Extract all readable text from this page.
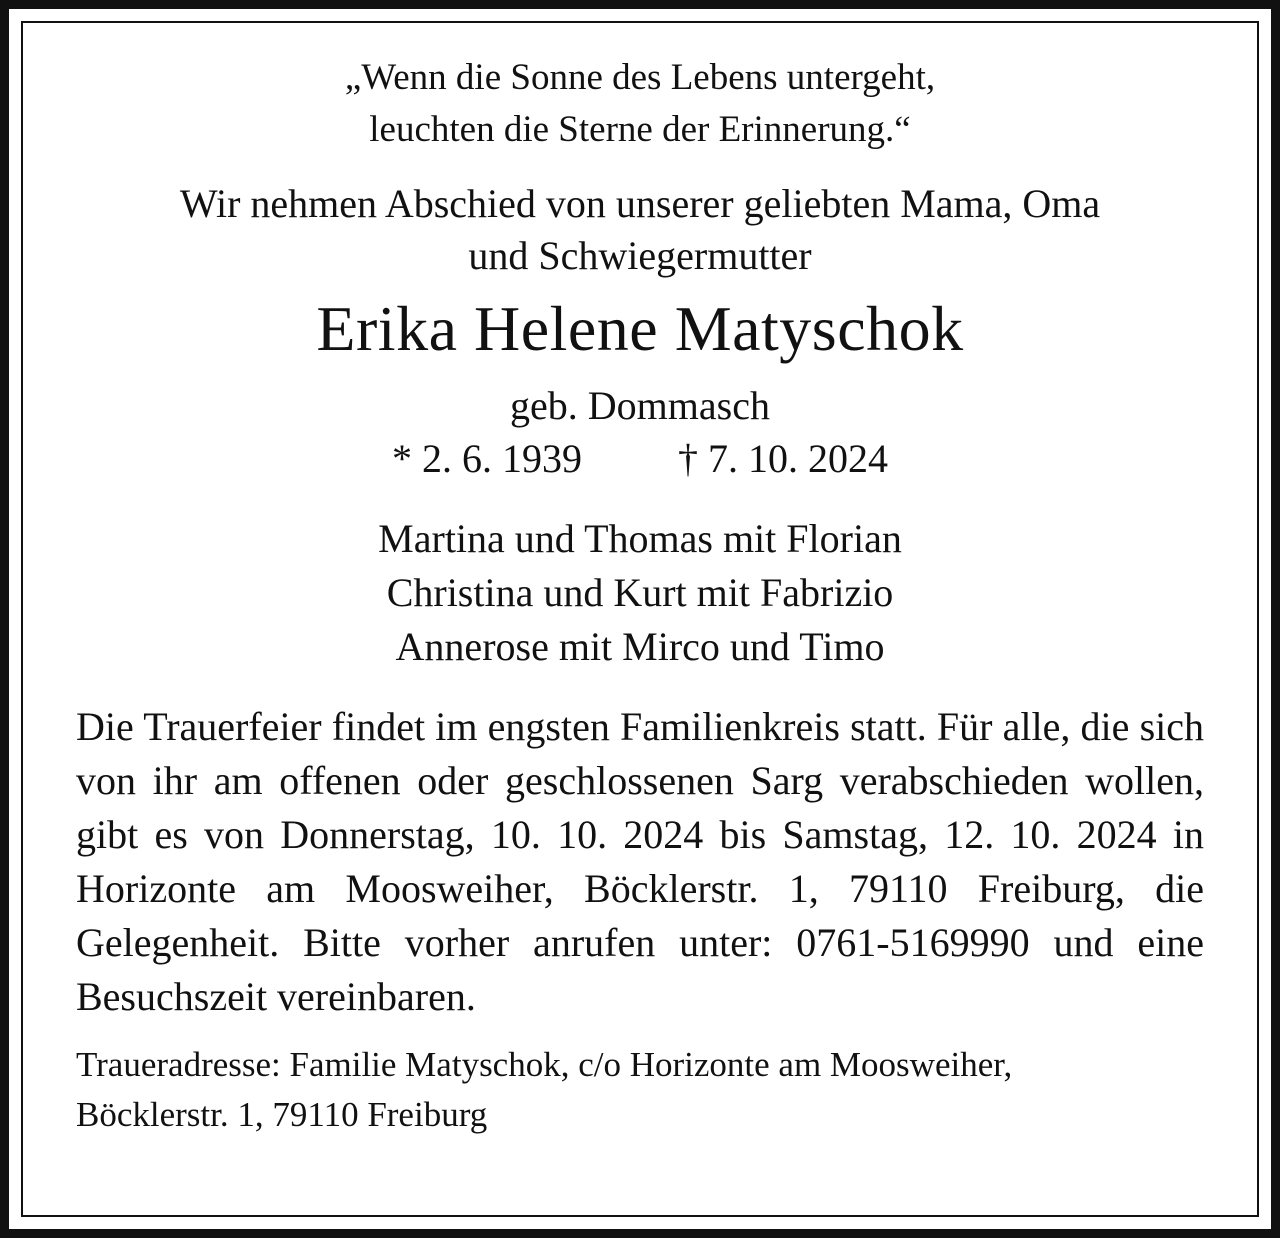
„Wenn die Sonne des Lebens untergeht,
leuchten die Sterne der Erinnerung.“
Wir nehmen Abschied von unserer geliebten Mama, Oma
und Schwiegermutter
Erika Helene Matyschok
geb. Dommasch
* 2. 6. 1939 † 7. 10. 2024
Martina und Thomas mit Florian
Christina und Kurt mit Fabrizio
Annerose mit Mirco und Timo
Die Trauerfeier findet im engsten Familienkreis statt. Für alle, die sich von ihr am offenen oder geschlossenen Sarg verabschieden wollen, gibt es von Donnerstag, 10. 10. 2024 bis Samstag, 12. 10. 2024 in Horizonte am Moosweiher, Böcklerstr. 1, 79110 Freiburg, die Gelegenheit. Bitte vorher anrufen unter: 0761-5169990 und eine Besuchszeit vereinbaren.
Traueradresse: Familie Matyschok, c/o Horizonte am Moosweiher,
Böcklerstr. 1, 79110 Freiburg
